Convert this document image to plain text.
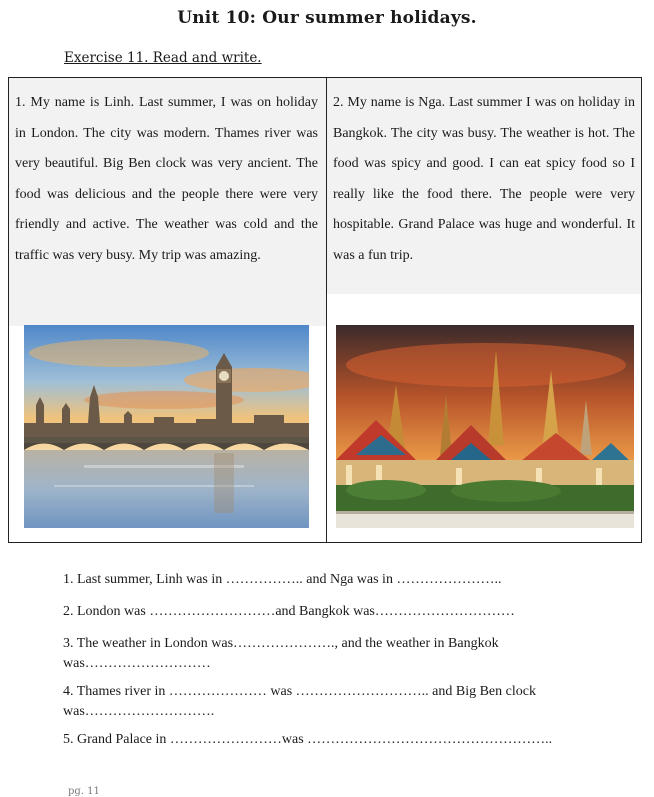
Unit 10: Our summer holidays.
Exercise 11. Read and write.

1. My name is Linh. Last summer, I was on holiday in London. The city was modern. Thames river was very beautiful. Big Ben clock was very ancient. The food was delicious and the people there were very friendly and active. The weather was cold and the traffic was very busy. My trip was amazing.

2. My name is Nga. Last summer I was on holiday in Bangkok. The city was busy. The weather is hot. The food was spicy and good. I can eat spicy food so I really like the food there. The people were very hospitable. Grand Palace was huge and wonderful. It was a fun trip.

1. Last summer, Linh was in …………….. and Nga was in …………………..
2. London was ………………………and Bangkok was…………………………
3. The weather in London was…………………., and the weather in Bangkok was………………………
4. Thames river in ………………… was ……………………….. and Big Ben clock was……………………….
5. Grand Palace in ……………………was ……………………………………………..
pg. 11
